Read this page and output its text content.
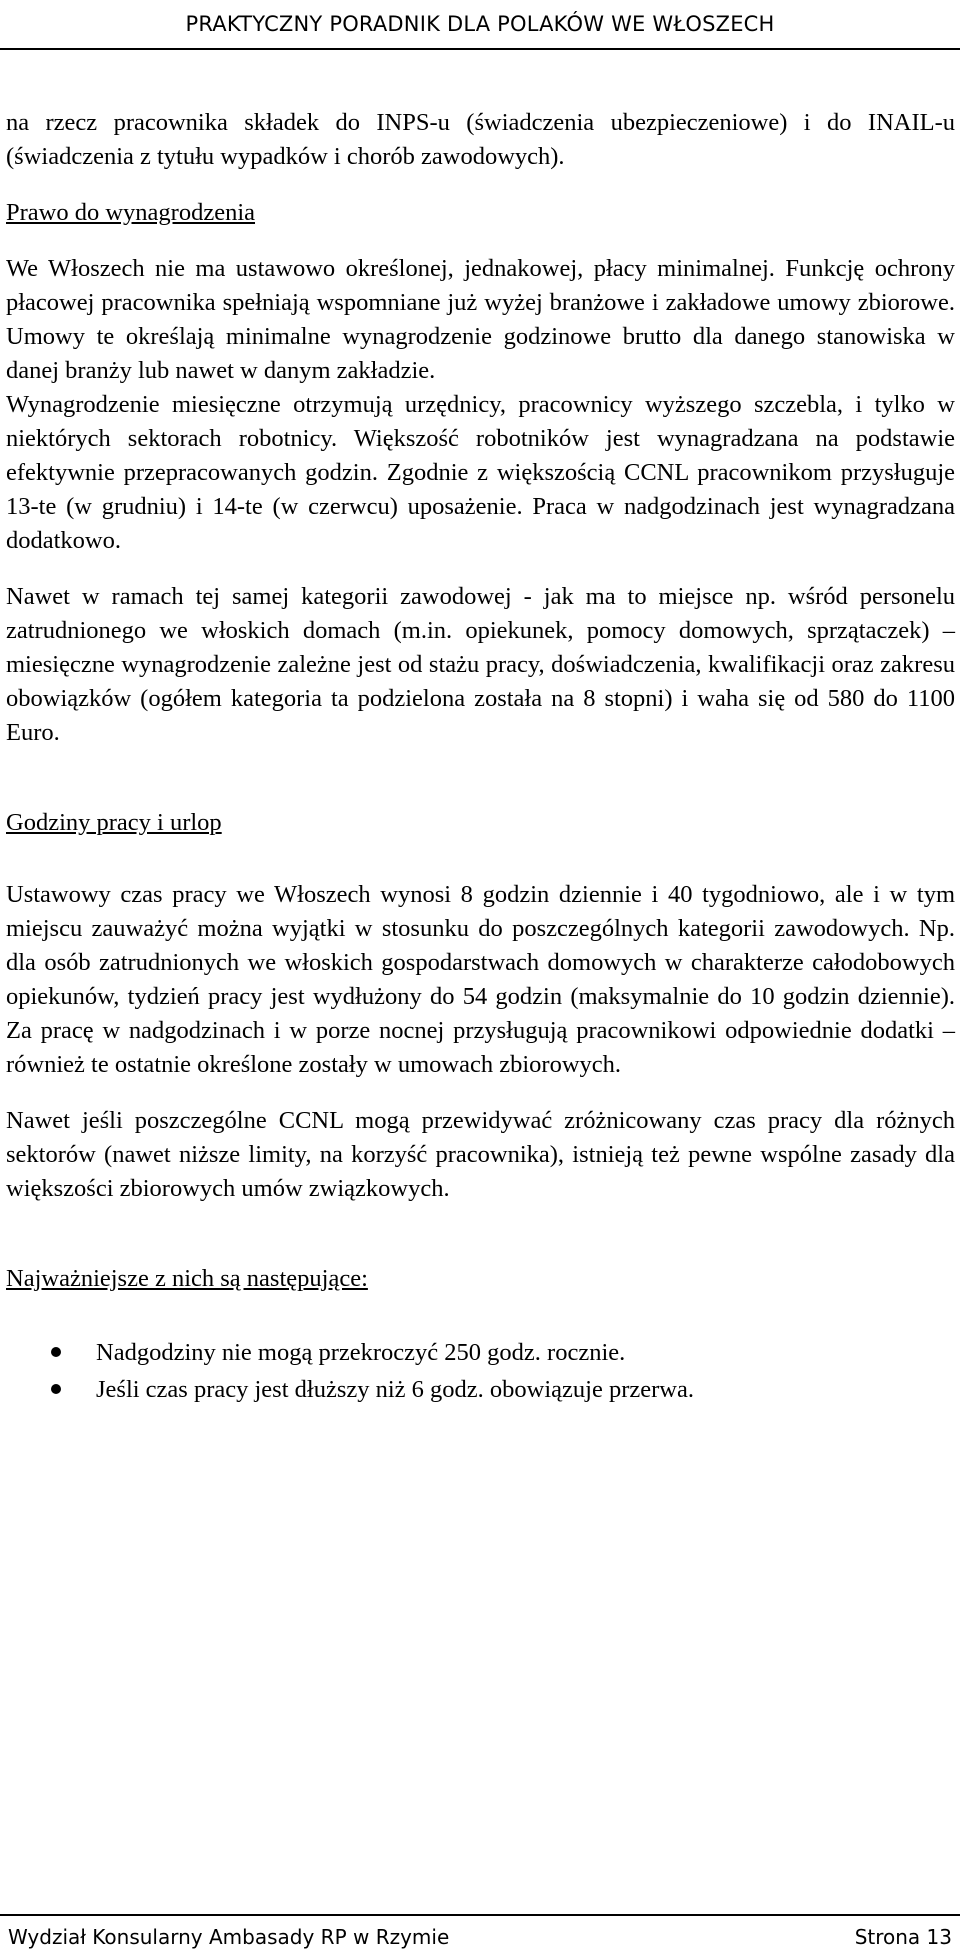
PRAKTYCZNY PORADNIK DLA POLAKÓW WE WŁOSZECH

na rzecz pracownika składek do INPS-u (świadczenia ubezpieczeniowe) i do INAIL-u (świadczenia z tytułu wypadków i chorób zawodowych).

Prawo do wynagrodzenia

We Włoszech nie ma ustawowo określonej, jednakowej, płacy minimalnej. Funkcję ochrony płacowej pracownika spełniają wspomniane już wyżej branżowe i zakładowe umowy zbiorowe. Umowy te określają minimalne wynagrodzenie godzinowe brutto dla danego stanowiska w danej branży lub nawet w danym zakładzie.

Wynagrodzenie miesięczne otrzymują urzędnicy, pracownicy wyższego szczebla, i tylko w niektórych sektorach robotnicy. Większość robotników jest wynagradzana na podstawie efektywnie przepracowanych godzin. Zgodnie z większością CCNL pracownikom przysługuje 13-te (w grudniu) i 14-te (w czerwcu) uposażenie. Praca w nadgodzinach jest wynagradzana dodatkowo.

Nawet w ramach tej samej kategorii zawodowej - jak ma to miejsce np. wśród personelu zatrudnionego we włoskich domach (m.in. opiekunek, pomocy domowych, sprzątaczek) – miesięczne wynagrodzenie zależne jest od stażu pracy, doświadczenia, kwalifikacji oraz zakresu obowiązków (ogółem kategoria ta podzielona została na 8 stopni) i waha się od 580 do 1100 Euro.

Godziny pracy i urlop

Ustawowy czas pracy we Włoszech wynosi 8 godzin dziennie i 40 tygodniowo, ale i w tym miejscu zauważyć można wyjątki w stosunku do poszczególnych kategorii zawodowych. Np. dla osób zatrudnionych we włoskich gospodarstwach domowych w charakterze całodobowych opiekunów, tydzień pracy jest wydłużony do 54 godzin (maksymalnie do 10 godzin dziennie). Za pracę w nadgodzinach i w porze nocnej przysługują pracownikowi odpowiednie dodatki – również te ostatnie określone zostały w umowach zbiorowych.

Nawet jeśli poszczególne CCNL mogą przewidywać zróżnicowany czas pracy dla różnych sektorów (nawet niższe limity, na korzyść pracownika), istnieją też pewne wspólne zasady dla większości zbiorowych umów związkowych.

Najważniejsze z nich są następujące:

Nadgodziny nie mogą przekroczyć 250 godz. rocznie.
Jeśli czas pracy jest dłuższy niż 6 godz. obowiązuje przerwa.
Wydział Konsularny Ambasady RP w Rzymie	Strona 13
